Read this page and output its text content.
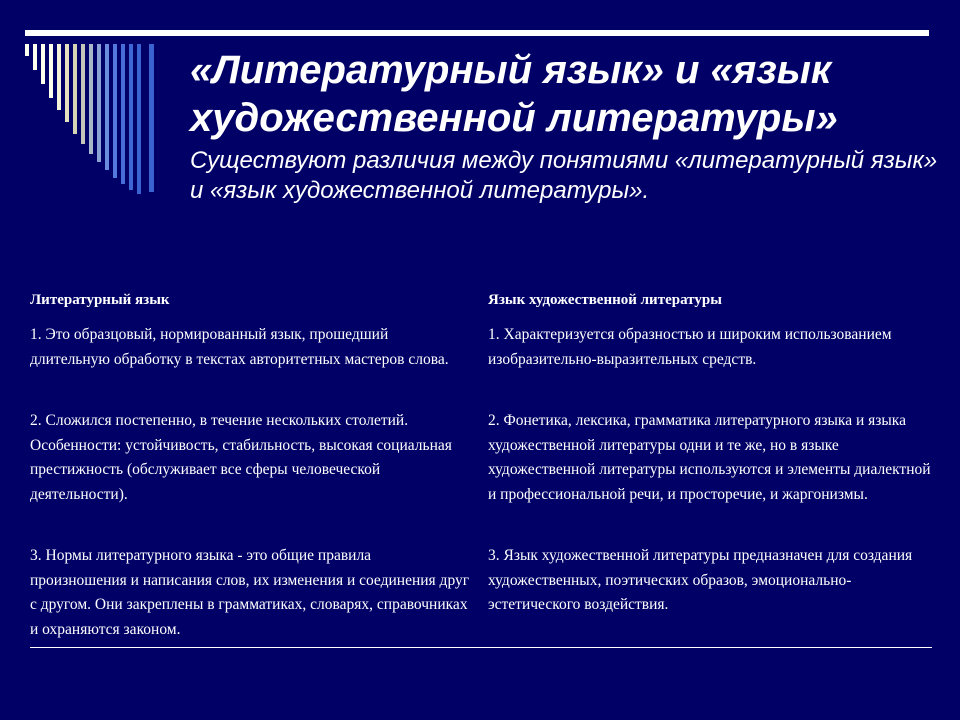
«Литературный язык» и «язык художественной литературы»

Существуют различия между понятиями «литературный язык» и «язык художественной литературы».

Литературный язык

1. Это образцовый, нормированный язык, прошедший длительную обработку в текстах авторитетных мастеров слова.

2. Сложился постепенно, в течение нескольких столетий. Особенности: устойчивость, стабильность, высокая социальная престижность (обслуживает все сферы человеческой деятельности).

3. Нормы литературного языка - это общие правила произношения и написания слов, их изменения и соединения друг с другом. Они закреплены в грамматиках, словарях, справочниках и охраняются законом.

Язык художественной литературы

1. Характеризуется образностью и широким использованием изобразительно-выразительных средств.

2. Фонетика, лексика, грамматика литературного языка и языка художественной литературы одни и те же, но в языке художественной литературы используются и элементы диалектной и профессиональной речи, и просторечие, и жаргонизмы.

3. Язык художественной литературы предназначен для создания художественных, поэтических образов, эмоционально-эстетического воздействия.
